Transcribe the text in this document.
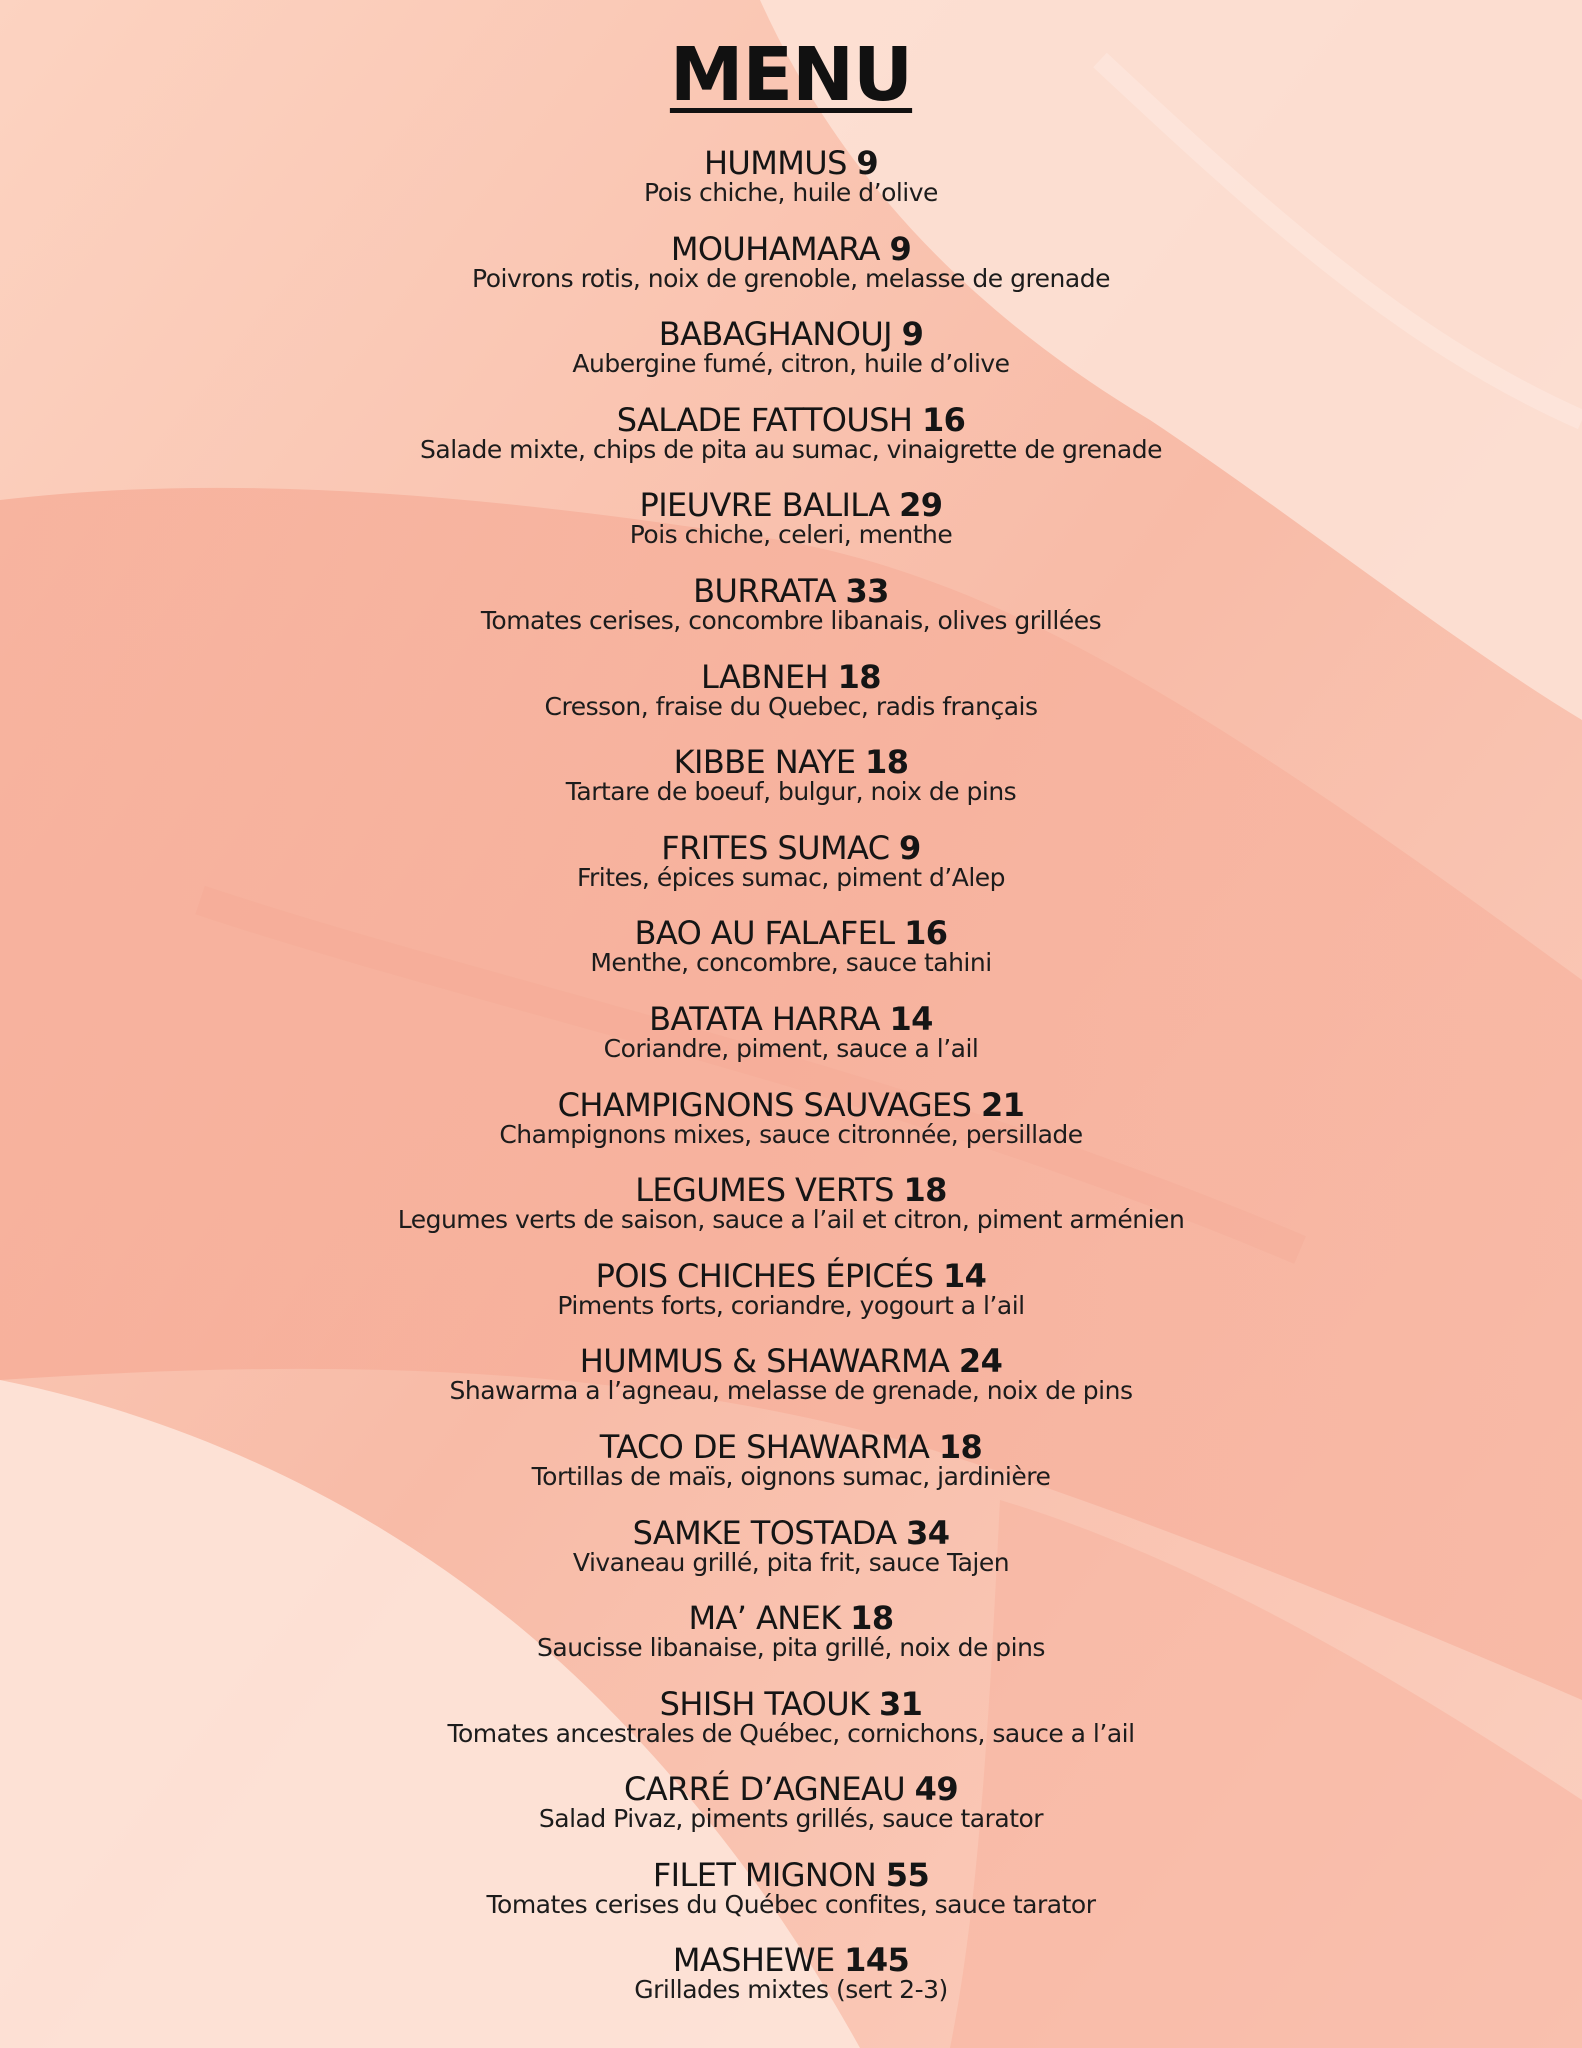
MENU
HUMMUS 9
Pois chiche, huile d’olive
MOUHAMARA 9
Poivrons rotis, noix de grenoble, melasse de grenade
BABAGHANOUJ 9
Aubergine fumé, citron, huile d’olive
SALADE FATTOUSH 16
Salade mixte, chips de pita au sumac, vinaigrette de grenade
PIEUVRE BALILA 29
Pois chiche, celeri, menthe
BURRATA 33
Tomates cerises, concombre libanais, olives grillées
LABNEH 18
Cresson, fraise du Quebec, radis français
KIBBE NAYE 18
Tartare de boeuf, bulgur, noix de pins
FRITES SUMAC 9
Frites, épices sumac, piment d’Alep
BAO AU FALAFEL 16
Menthe, concombre, sauce tahini
BATATA HARRA 14
Coriandre, piment, sauce a l’ail
CHAMPIGNONS SAUVAGES 21
Champignons mixes, sauce citronnée, persillade
LEGUMES VERTS 18
Legumes verts de saison, sauce a l’ail et citron, piment arménien
POIS CHICHES ÉPICÉS 14
Piments forts, coriandre, yogourt a l’ail
HUMMUS & SHAWARMA 24
Shawarma a l’agneau, melasse de grenade, noix de pins
TACO DE SHAWARMA 18
Tortillas de maïs, oignons sumac, jardinière
SAMKE TOSTADA 34
Vivaneau grillé, pita frit, sauce Tajen
MA’ ANEK 18
Saucisse libanaise, pita grillé, noix de pins
SHISH TAOUK 31
Tomates ancestrales de Québec, cornichons, sauce a l’ail
CARRÉ D’AGNEAU 49
Salad Pivaz, piments grillés, sauce tarator
FILET MIGNON 55
Tomates cerises du Québec confites, sauce tarator
MASHEWE 145
Grillades mixtes (sert 2-3)
